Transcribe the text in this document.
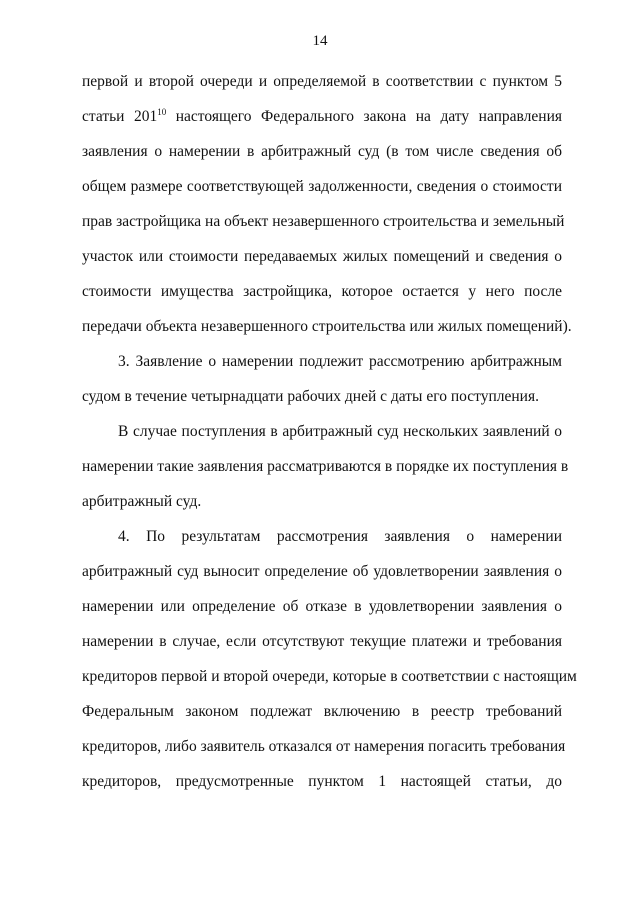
14
первой и второй очереди и определяемой в соответствии с пунктом 5
статьи $201^{10}$ настоящего Федерального закона на дату направления
заявления о намерении в арбитражный суд (в том числе сведения об
общем размере соответствующей задолженности, сведения о стоимости
прав застройщика на объект незавершенного строительства и земельный
участок или стоимости передаваемых жилых помещений и сведения о
стоимости имущества застройщика, которое остается у него после
передачи объекта незавершенного строительства или жилых помещений).
3. Заявление о намерении подлежит рассмотрению арбитражным
судом в течение четырнадцати рабочих дней с даты его поступления.
В случае поступления в арбитражный суд нескольких заявлений о
намерении такие заявления рассматриваются в порядке их поступления в
арбитражный суд.
4. По результатам рассмотрения заявления о намерении
арбитражный суд выносит определение об удовлетворении заявления о
намерении или определение об отказе в удовлетворении заявления о
намерении в случае, если отсутствуют текущие платежи и требования
кредиторов первой и второй очереди, которые в соответствии с настоящим
Федеральным законом подлежат включению в реестр требований
кредиторов, либо заявитель отказался от намерения погасить требования
кредиторов, предусмотренные пунктом 1 настоящей статьи, до
